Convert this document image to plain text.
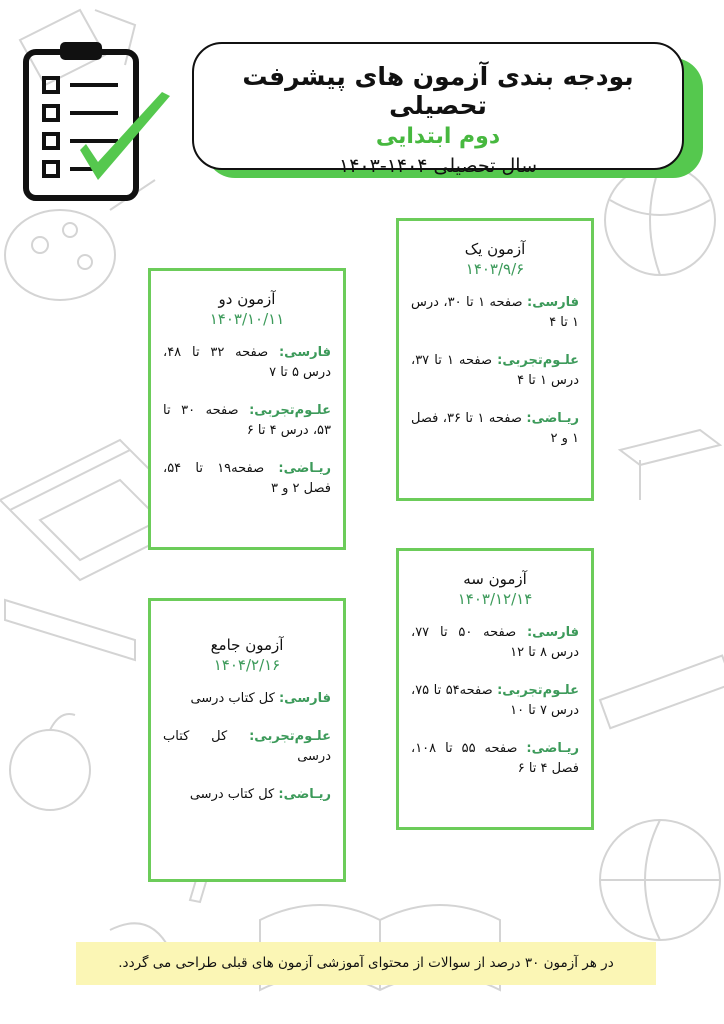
بودجه بندی آزمون های پیشرفت تحصیلی
دوم ابتدایی
سال تحصیلی ۱۴۰۴-۱۴۰۳
آزمون یک
۱۴۰۳/۹/۶
فارسی: صفحه ۱ تا ۳۰، درس ۱ تا ۴
علـوم‌تجربی: صفحه ۱ تا ۳۷، درس ۱ تا ۴
ریـاضی: صفحه ۱ تا ۳۶، فصل ۱ و ۲
آزمون دو
۱۴۰۳/۱۰/۱۱
فارسی: صفحه ۳۲ تا ۴۸، درس ۵ تا ۷
علـوم‌تجربی: صفحه ۳۰ تا ۵۳، درس ۴ تا ۶
ریـاضی: صفحه۱۹ تا ۵۴، فصل ۲ و ۳
آزمون سه
۱۴۰۳/۱۲/۱۴
فارسی: صفحه ۵۰ تا ۷۷، درس ۸ تا ۱۲
علـوم‌تجربی: صفحه۵۴ تا ۷۵، درس ۷ تا ۱۰
ریـاضی: صفحه ۵۵ تا ۱۰۸، فصل ۴ تا ۶
آزمون جامع
۱۴۰۴/۲/۱۶
فارسی: کل کتاب درسی
علـوم‌تجربی: کل کتاب درسی
ریـاضی: کل کتاب درسی
در هر آزمون ۳۰ درصد از سوالات از محتوای آموزشی آزمون های قبلی طراحی می گردد.
